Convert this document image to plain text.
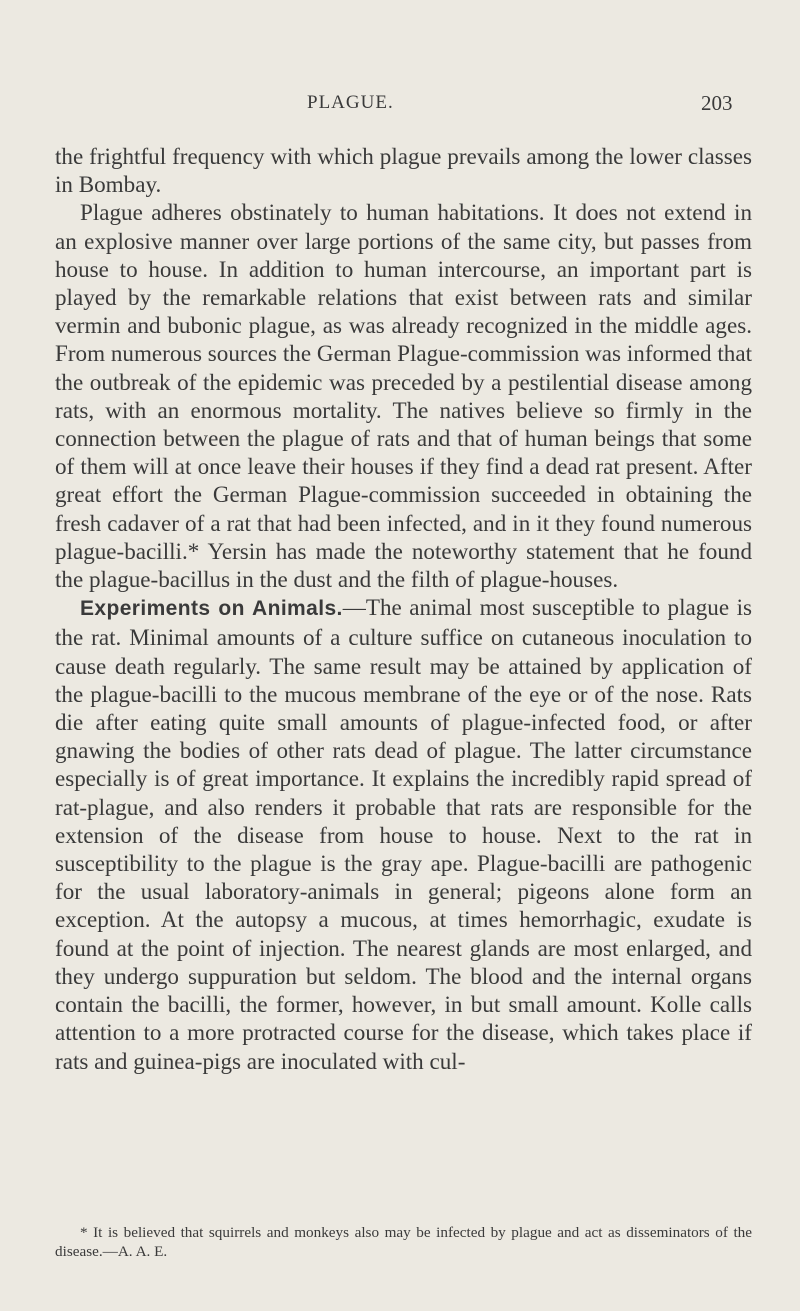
PLAGUE.	203

the frightful frequency with which plague prevails among the lower classes in Bombay.

Plague adheres obstinately to human habitations. It does not extend in an explosive manner over large portions of the same city, but passes from house to house. In addition to human intercourse, an important part is played by the remarkable relations that exist between rats and similar vermin and bubonic plague, as was already recognized in the middle ages. From numerous sources the German Plague-commission was informed that the outbreak of the epidemic was preceded by a pestilential disease among rats, with an enormous mortality. The natives believe so firmly in the connection between the plague of rats and that of human beings that some of them will at once leave their houses if they find a dead rat present. After great effort the German Plague-commission succeeded in obtaining the fresh cadaver of a rat that had been infected, and in it they found numerous plague-bacilli.* Yersin has made the noteworthy statement that he found the plague-bacillus in the dust and the filth of plague-houses.

Experiments on Animals.—The animal most susceptible to plague is the rat. Minimal amounts of a culture suffice on cutaneous inoculation to cause death regularly. The same result may be attained by application of the plague-bacilli to the mucous membrane of the eye or of the nose. Rats die after eating quite small amounts of plague-infected food, or after gnawing the bodies of other rats dead of plague. The latter circumstance especially is of great importance. It explains the incredibly rapid spread of rat-plague, and also renders it probable that rats are responsible for the extension of the disease from house to house. Next to the rat in susceptibility to the plague is the gray ape. Plague-bacilli are pathogenic for the usual laboratory-animals in general; pigeons alone form an exception. At the autopsy a mucous, at times hemorrhagic, exudate is found at the point of injection. The nearest glands are most enlarged, and they undergo suppuration but seldom. The blood and the internal organs contain the bacilli, the former, however, in but small amount. Kolle calls attention to a more protracted course for the disease, which takes place if rats and guinea-pigs are inoculated with cul-

* It is believed that squirrels and monkeys also may be infected by plague and act as disseminators of the disease.—A. A. E.
